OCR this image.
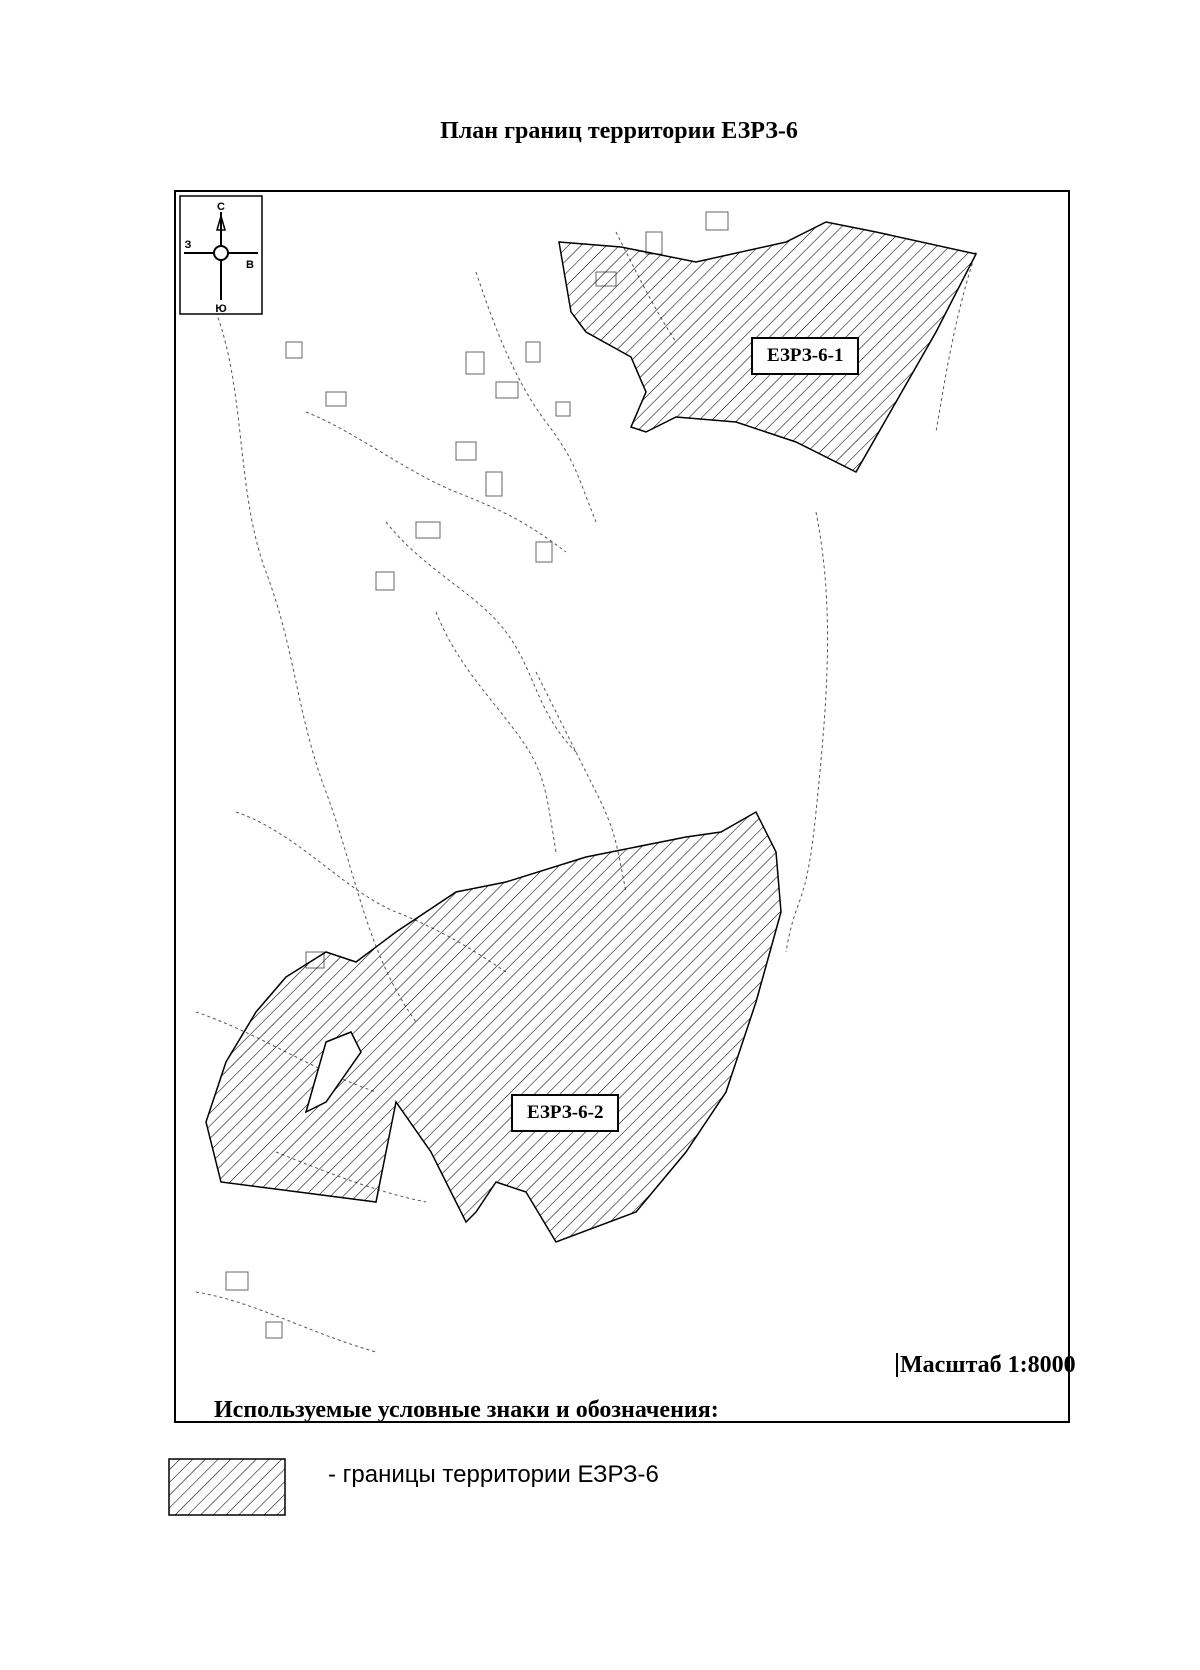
План границ территории ЕЗРЗ-6
С
В
З
Ю
ЕЗРЗ-6-1
ЕЗРЗ-6-2
Масштаб 1:8000
Используемые условные знаки и обозначения:
- границы территории ЕЗРЗ-6
